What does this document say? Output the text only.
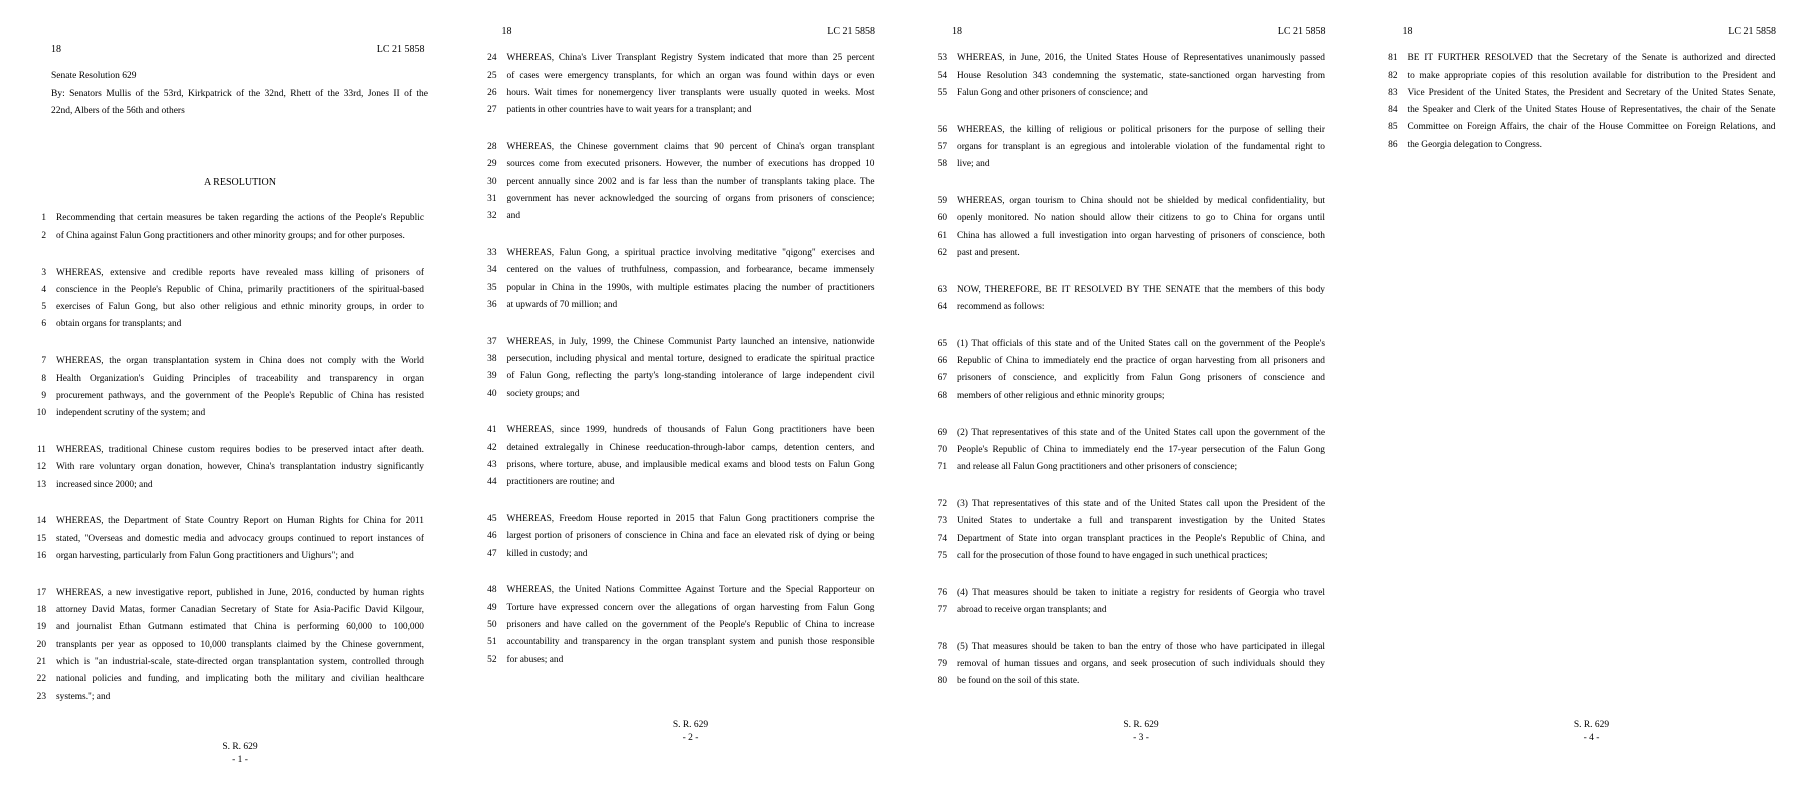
18	LC 21 5858
Senate Resolution 629
By: Senators Mullis of the 53rd, Kirkpatrick of the 32nd, Rhett of the 33rd, Jones II of the
22nd, Albers of the 56th and others
A RESOLUTION
1 Recommending that certain measures be taken regarding the actions of the People's Republic
2 of China against Falun Gong practitioners and other minority groups; and for other purposes.
3 WHEREAS, extensive and credible reports have revealed mass killing of prisoners of
4 conscience in the People's Republic of China, primarily practitioners of the spiritual-based
5 exercises of Falun Gong, but also other religious and ethnic minority groups, in order to
6 obtain organs for transplants; and
7 WHEREAS, the organ transplantation system in China does not comply with the World
8 Health Organization's Guiding Principles of traceability and transparency in organ
9 procurement pathways, and the government of the People's Republic of China has resisted
10 independent scrutiny of the system; and
11 WHEREAS, traditional Chinese custom requires bodies to be preserved intact after death.
12 With rare voluntary organ donation, however, China's transplantation industry significantly
13 increased since 2000; and
14 WHEREAS, the Department of State Country Report on Human Rights for China for 2011
15 stated, "Overseas and domestic media and advocacy groups continued to report instances of
16 organ harvesting, particularly from Falun Gong practitioners and Uighurs"; and
17 WHEREAS, a new investigative report, published in June, 2016, conducted by human rights
18 attorney David Matas, former Canadian Secretary of State for Asia-Pacific David Kilgour,
19 and journalist Ethan Gutmann estimated that China is performing 60,000 to 100,000
20 transplants per year as opposed to 10,000 transplants claimed by the Chinese government,
21 which is "an industrial-scale, state-directed organ transplantation system, controlled through
22 national policies and funding, and implicating both the military and civilian healthcare
23 systems."; and
S. R. 629
- 1 -
18	LC 21 5858
24 WHEREAS, China's Liver Transplant Registry System indicated that more than 25 percent
25 of cases were emergency transplants, for which an organ was found within days or even
26 hours. Wait times for nonemergency liver transplants were usually quoted in weeks. Most
27 patients in other countries have to wait years for a transplant; and
28 WHEREAS, the Chinese government claims that 90 percent of China's organ transplant
29 sources come from executed prisoners. However, the number of executions has dropped 10
30 percent annually since 2002 and is far less than the number of transplants taking place. The
31 government has never acknowledged the sourcing of organs from prisoners of conscience;
32 and
33 WHEREAS, Falun Gong, a spiritual practice involving meditative "qigong" exercises and
34 centered on the values of truthfulness, compassion, and forbearance, became immensely
35 popular in China in the 1990s, with multiple estimates placing the number of practitioners
36 at upwards of 70 million; and
37 WHEREAS, in July, 1999, the Chinese Communist Party launched an intensive, nationwide
38 persecution, including physical and mental torture, designed to eradicate the spiritual practice
39 of Falun Gong, reflecting the party's long-standing intolerance of large independent civil
40 society groups; and
41 WHEREAS, since 1999, hundreds of thousands of Falun Gong practitioners have been
42 detained extralegally in Chinese reeducation-through-labor camps, detention centers, and
43 prisons, where torture, abuse, and implausible medical exams and blood tests on Falun Gong
44 practitioners are routine; and
45 WHEREAS, Freedom House reported in 2015 that Falun Gong practitioners comprise the
46 largest portion of prisoners of conscience in China and face an elevated risk of dying or being
47 killed in custody; and
48 WHEREAS, the United Nations Committee Against Torture and the Special Rapporteur on
49 Torture have expressed concern over the allegations of organ harvesting from Falun Gong
50 prisoners and have called on the government of the People's Republic of China to increase
51 accountability and transparency in the organ transplant system and punish those responsible
52 for abuses; and
S. R. 629
- 2 -
18	LC 21 5858
53 WHEREAS, in June, 2016, the United States House of Representatives unanimously passed
54 House Resolution 343 condemning the systematic, state-sanctioned organ harvesting from
55 Falun Gong and other prisoners of conscience; and
56 WHEREAS, the killing of religious or political prisoners for the purpose of selling their
57 organs for transplant is an egregious and intolerable violation of the fundamental right to
58 live; and
59 WHEREAS, organ tourism to China should not be shielded by medical confidentiality, but
60 openly monitored. No nation should allow their citizens to go to China for organs until
61 China has allowed a full investigation into organ harvesting of prisoners of conscience, both
62 past and present.
63 NOW, THEREFORE, BE IT RESOLVED BY THE SENATE that the members of this body
64 recommend as follows:
65 (1) That officials of this state and of the United States call on the government of the People's
66 Republic of China to immediately end the practice of organ harvesting from all prisoners and
67 prisoners of conscience, and explicitly from Falun Gong prisoners of conscience and
68 members of other religious and ethnic minority groups;
69 (2) That representatives of this state and of the United States call upon the government of the
70 People's Republic of China to immediately end the 17-year persecution of the Falun Gong
71 and release all Falun Gong practitioners and other prisoners of conscience;
72 (3) That representatives of this state and of the United States call upon the President of the
73 United States to undertake a full and transparent investigation by the United States
74 Department of State into organ transplant practices in the People's Republic of China, and
75 call for the prosecution of those found to have engaged in such unethical practices;
76 (4) That measures should be taken to initiate a registry for residents of Georgia who travel
77 abroad to receive organ transplants; and
78 (5) That measures should be taken to ban the entry of those who have participated in illegal
79 removal of human tissues and organs, and seek prosecution of such individuals should they
80 be found on the soil of this state.
S. R. 629
- 3 -
18	LC 21 5858
81 BE IT FURTHER RESOLVED that the Secretary of the Senate is authorized and directed
82 to make appropriate copies of this resolution available for distribution to the President and
83 Vice President of the United States, the President and Secretary of the United States Senate,
84 the Speaker and Clerk of the United States House of Representatives, the chair of the Senate
85 Committee on Foreign Affairs, the chair of the House Committee on Foreign Relations, and
86 the Georgia delegation to Congress.
S. R. 629
- 4 -
